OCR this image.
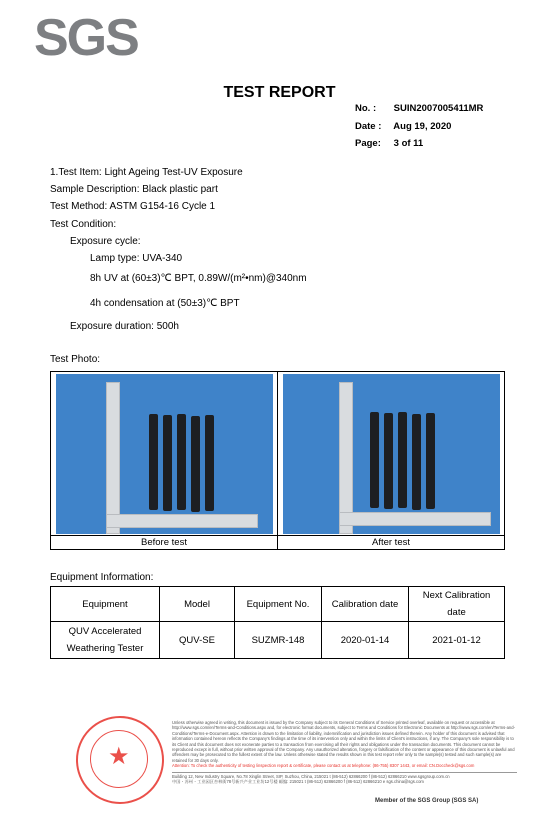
SGS
TEST REPORT
No. : SUIN2007005411MR
Date : Aug 19, 2020
Page: 3 of 11
1.Test Item: Light Ageing Test-UV Exposure
Sample Description: Black plastic part
Test Method: ASTM G154-16 Cycle 1
Test Condition:
Exposure cycle:
Lamp type: UVA-340
8h UV at (60±3)℃ BPT, 0.89W/(m²•nm)@340nm
4h condensation at (50±3)℃ BPT
Exposure duration: 500h
Test Photo:

Before test	After test
Equipment Information:
Equipment	Model	Equipment No.	Calibration date	Next Calibration date
QUV Accelerated Weathering Tester	QUV-SE	SUZMR-148	2020-01-14	2021-01-12
★
Unless otherwise agreed in writing, this document is issued by the Company subject to its General Conditions of Service printed overleaf, available on request or accessible at http://www.sgs.com/en/Terms-and-Conditions.aspx and, for electronic format documents, subject to Terms and Conditions for Electronic Documents at http://www.sgs.com/en/Terms-and-Conditions/Terms-e-Document.aspx. Attention is drawn to the limitation of liability, indemnification and jurisdiction issues defined therein. Any holder of this document is advised that information contained hereon reflects the Company's findings at the time of its intervention only and within the limits of Client's instructions, if any. The Company's sole responsibility is to its Client and this document does not exonerate parties to a transaction from exercising all their rights and obligations under the transaction documents. This document cannot be reproduced except in full, without prior written approval of the Company. Any unauthorized alteration, forgery or falsification of the content or appearance of this document is unlawful and offenders may be prosecuted to the fullest extent of the law. Unless otherwise stated the results shown in this test report refer only to the sample(s) tested and such sample(s) are retained for 30 days only.
Attention: To check the authenticity of testing /inspection report & certificate, please contact us at telephone: (86-755) 8307 1443, or email: CN.Doccheck@sgs.com
Building 12, New Industry Square, No.78 Xinglin Street, SIP, Suzhou, China, 215021 t (86-512) 62866200 f (86-512) 62866210 www.sgsgroup.com.cn
中国・苏州・工业园区杏林街78号新兴产业工业坊12号楼 邮编: 215021 t (86-512) 62866200 f (86-512) 62866210 e sgs.china@sgs.com
Member of the SGS Group (SGS SA)
